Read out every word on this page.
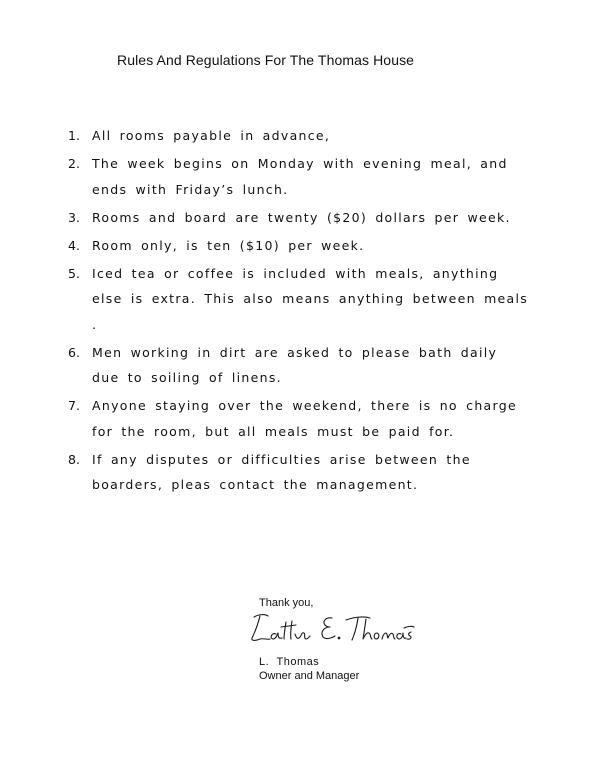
Rules And Regulations For The Thomas House
1. All rooms payable in advance,
2. The week begins on Monday with evening meal, and ends with Friday’s lunch.
3. Rooms and board are twenty ($20) dollars per week.
4. Room only, is ten ($10) per week.
5. Iced tea or coffee is included with meals, anything else is extra. This also means anything between meals .
6. Men working in dirt are asked to please bath daily due to soiling of linens.
7. Anyone staying over the weekend, there is no charge for the room, but all meals must be paid for.
8. If any disputes or difficulties arise between the boarders, pleas contact the management.
Thank you,
L. Thomas
Owner and Manager
